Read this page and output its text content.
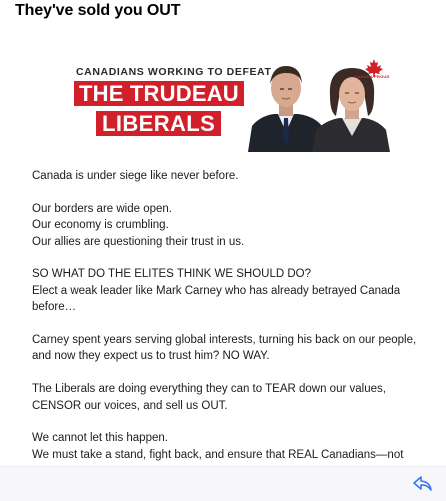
They've sold you OUT
CANADIANS WORKING TO DEFEAT
THE TRUDEAU
LIBERALS
CANADA PROUD
Canada is under siege like never before.
Our borders are wide open.
Our economy is crumbling.
Our allies are questioning their trust in us.
SO WHAT DO THE ELITES THINK WE SHOULD DO?
Elect a weak leader like Mark Carney who has already betrayed Canada
before…
Carney spent years serving global interests, turning his back on our people,
and now they expect us to trust him? NO WAY.
The Liberals are doing everything they can to TEAR down our values,
CENSOR our voices, and sell us OUT.
We cannot let this happen.
We must take a stand, fight back, and ensure that REAL Canadians—not
